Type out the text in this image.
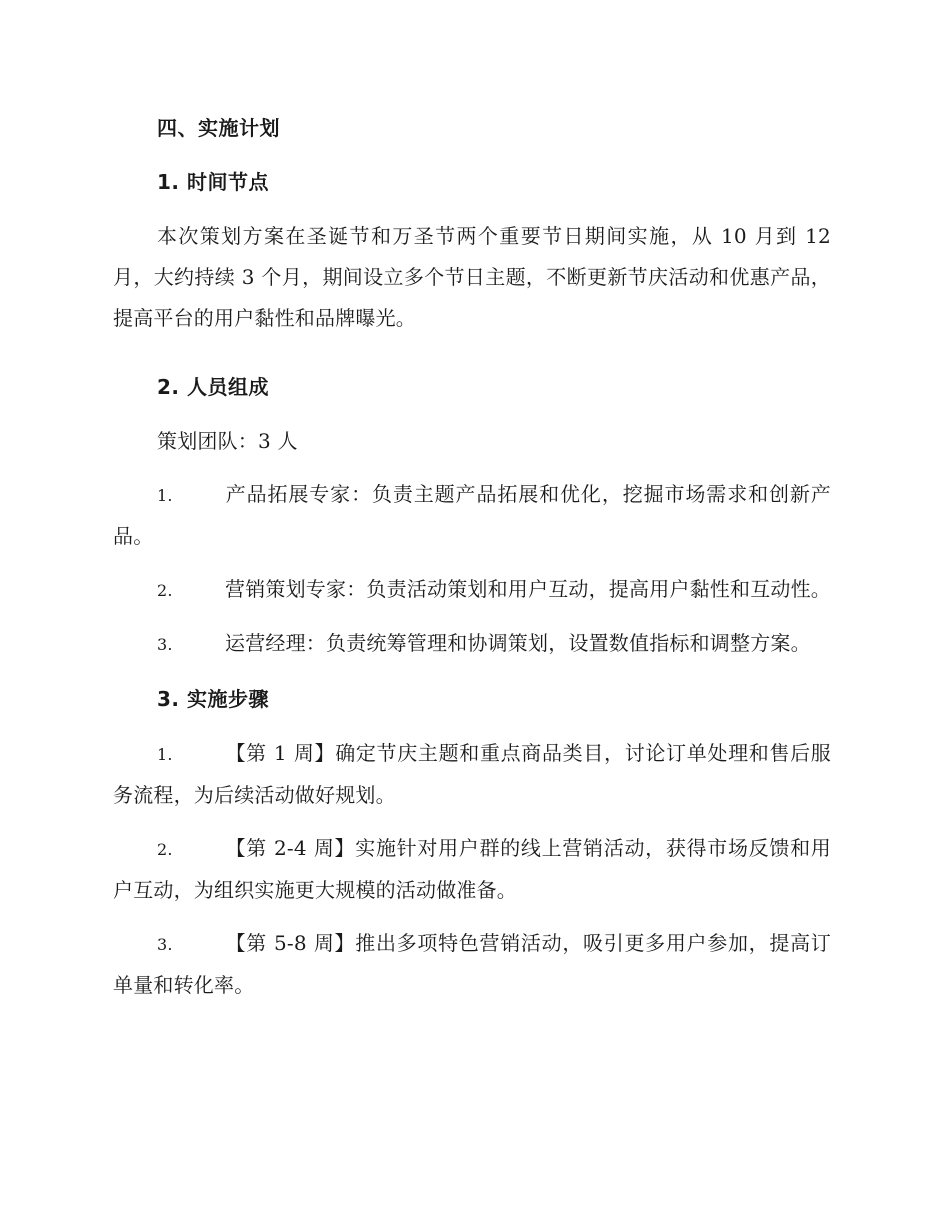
四、实施计划
1. 时间节点

本次策划方案在圣诞节和万圣节两个重要节日期间实施，从 10 月到 12 月，大约持续 3 个月，期间设立多个节日主题，不断更新节庆活动和优惠产品，提高平台的用户黏性和品牌曝光。

2. 人员组成

策划团队：3 人

1.	产品拓展专家：负责主题产品拓展和优化，挖掘市场需求和创新产品。
2.	营销策划专家：负责活动策划和用户互动，提高用户黏性和互动性。
3.	运营经理：负责统筹管理和协调策划，设置数值指标和调整方案。
3. 实施步骤
1.	【第 1 周】确定节庆主题和重点商品类目，讨论订单处理和售后服务流程，为后续活动做好规划。
2.	【第 2-4 周】实施针对用户群的线上营销活动，获得市场反馈和用户互动，为组织实施更大规模的活动做准备。
3.	【第 5-8 周】推出多项特色营销活动，吸引更多用户参加，提高订单量和转化率。
